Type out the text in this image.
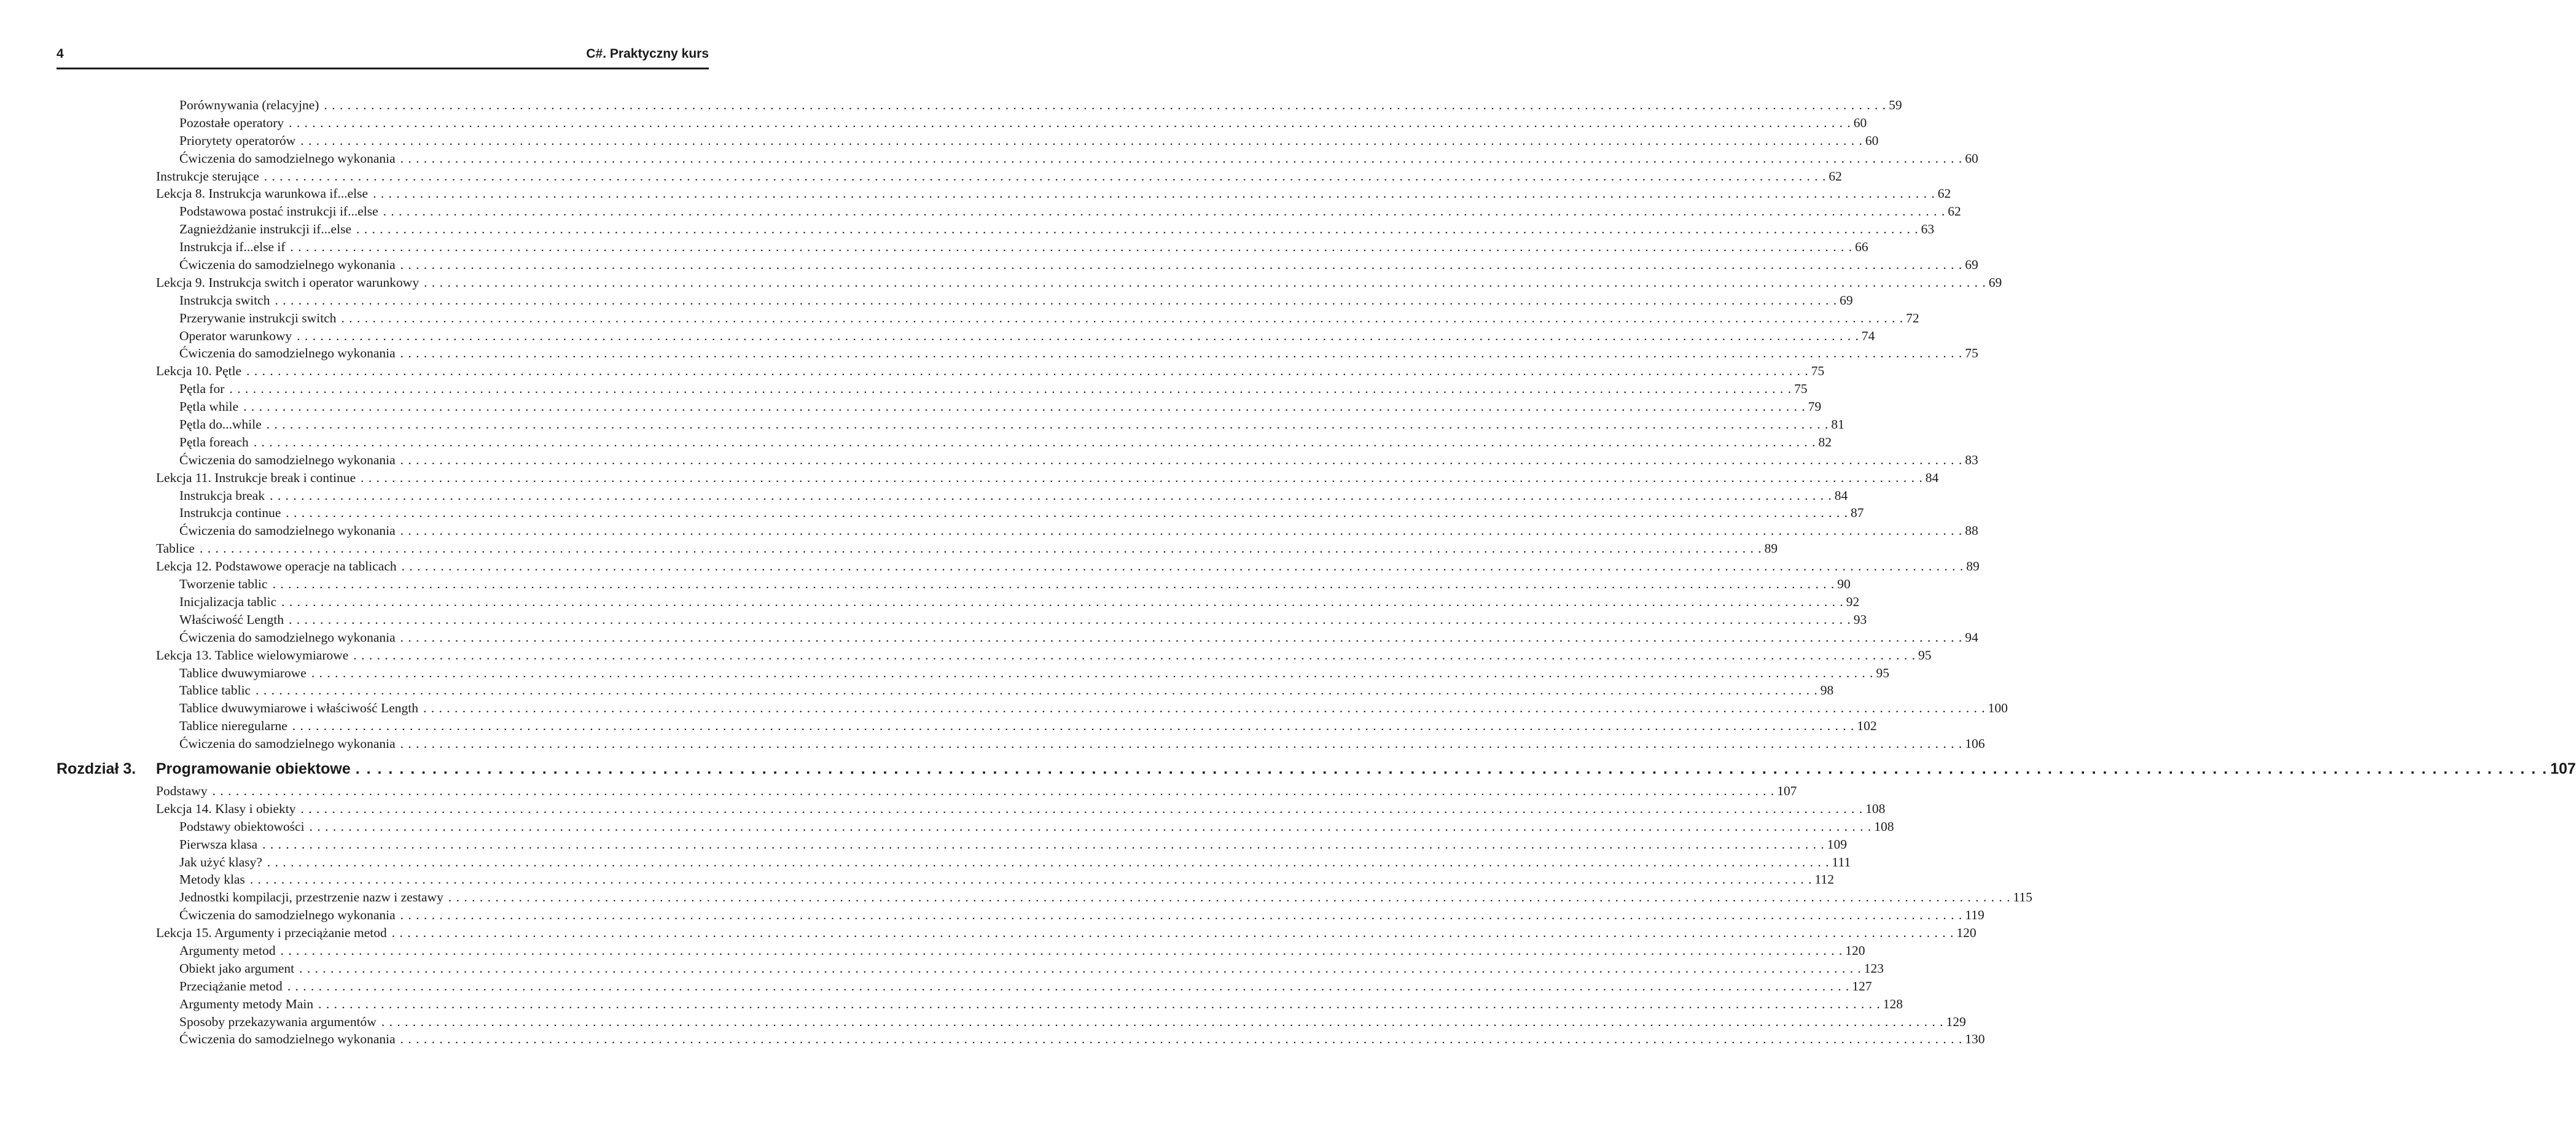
4	C#. Praktyczny kurs
Porównywania (relacyjne) . . . . . . . . . . . . . . . . . . . . . . . . . . . . . . . . . . . . . . . . . . . . . . . . . . . . . . . . . . . . . . . . . . . . . . . . . . . . . . . . . . . . . . . . . . . . . . . . . . . . . . . . . . . . . . . . . . . . . . . . . . . . . . . . . . . . . . . . . . . . . . . . . . . . . . . . . . . . . . . . . . . . . . . . . . . . . . . . . . . . . . . . . . . . . . . . . . . . . . . . 59
Pozostałe operatory . . . . . . . . . . . . . . . . . . . . . . . . . . . . . . . . . . . . . . . . . . . . . . . . . . . . . . . . . . . . . . . . . . . . . . . . . . . . . . . . . . . . . . . . . . . . . . . . . . . . . . . . . . . . . . . . . . . . . . . . . . . . . . . . . . . . . . . . . . . . . . . . . . . . . . . . . . . . . . . . . . . . . . . . . . . . . . . . . . . . . . . . . . . . . . . . . . . . . . . . 60
Priorytety operatorów . . . . . . . . . . . . . . . . . . . . . . . . . . . . . . . . . . . . . . . . . . . . . . . . . . . . . . . . . . . . . . . . . . . . . . . . . . . . . . . . . . . . . . . . . . . . . . . . . . . . . . . . . . . . . . . . . . . . . . . . . . . . . . . . . . . . . . . . . . . . . . . . . . . . . . . . . . . . . . . . . . . . . . . . . . . . . . . . . . . . . . . . . . . . . . . . . . . . . . . . 60
Ćwiczenia do samodzielnego wykonania . . . . . . . . . . . . . . . . . . . . . . . . . . . . . . . . . . . . . . . . . . . . . . . . . . . . . . . . . . . . . . . . . . . . . . . . . . . . . . . . . . . . . . . . . . . . . . . . . . . . . . . . . . . . . . . . . . . . . . . . . . . . . . . . . . . . . . . . . . . . . . . . . . . . . . . . . . . . . . . . . . . . . . . . . . . . . . . . . . . . . . . . . . . . . . . . . . . . . . . . 60
Instrukcje sterujące . . . . . . . . . . . . . . . . . . . . . . . . . . . . . . . . . . . . . . . . . . . . . . . . . . . . . . . . . . . . . . . . . . . . . . . . . . . . . . . . . . . . . . . . . . . . . . . . . . . . . . . . . . . . . . . . . . . . . . . . . . . . . . . . . . . . . . . . . . . . . . . . . . . . . . . . . . . . . . . . . . . . . . . . . . . . . . . . . . . . . . . . . . . . . . . . . . . . . . . . 62
Lekcja 8. Instrukcja warunkowa if...else . . . . . . . . . . . . . . . . . . . . . . . . . . . . . . . . . . . . . . . . . . . . . . . . . . . . . . . . . . . . . . . . . . . . . . . . . . . . . . . . . . . . . . . . . . . . . . . . . . . . . . . . . . . . . . . . . . . . . . . . . . . . . . . . . . . . . . . . . . . . . . . . . . . . . . . . . . . . . . . . . . . . . . . . . . . . . . . . . . . . . . . . . . . . . . . . . . . . . . . . 62
Podstawowa postać instrukcji if...else . . . . . . . . . . . . . . . . . . . . . . . . . . . . . . . . . . . . . . . . . . . . . . . . . . . . . . . . . . . . . . . . . . . . . . . . . . . . . . . . . . . . . . . . . . . . . . . . . . . . . . . . . . . . . . . . . . . . . . . . . . . . . . . . . . . . . . . . . . . . . . . . . . . . . . . . . . . . . . . . . . . . . . . . . . . . . . . . . . . . . . . . . . . . . . . . . . . . . . . . 62
Zagnieżdżanie instrukcji if...else . . . . . . . . . . . . . . . . . . . . . . . . . . . . . . . . . . . . . . . . . . . . . . . . . . . . . . . . . . . . . . . . . . . . . . . . . . . . . . . . . . . . . . . . . . . . . . . . . . . . . . . . . . . . . . . . . . . . . . . . . . . . . . . . . . . . . . . . . . . . . . . . . . . . . . . . . . . . . . . . . . . . . . . . . . . . . . . . . . . . . . . . . . . . . . . . . . . . . . . . 63
Instrukcja if...else if . . . . . . . . . . . . . . . . . . . . . . . . . . . . . . . . . . . . . . . . . . . . . . . . . . . . . . . . . . . . . . . . . . . . . . . . . . . . . . . . . . . . . . . . . . . . . . . . . . . . . . . . . . . . . . . . . . . . . . . . . . . . . . . . . . . . . . . . . . . . . . . . . . . . . . . . . . . . . . . . . . . . . . . . . . . . . . . . . . . . . . . . . . . . . . . . . . . . . . . . 66
Ćwiczenia do samodzielnego wykonania . . . . . . . . . . . . . . . . . . . . . . . . . . . . . . . . . . . . . . . . . . . . . . . . . . . . . . . . . . . . . . . . . . . . . . . . . . . . . . . . . . . . . . . . . . . . . . . . . . . . . . . . . . . . . . . . . . . . . . . . . . . . . . . . . . . . . . . . . . . . . . . . . . . . . . . . . . . . . . . . . . . . . . . . . . . . . . . . . . . . . . . . . . . . . . . . . . . . . . . . 69
Lekcja 9. Instrukcja switch i operator warunkowy . . . . . . . . . . . . . . . . . . . . . . . . . . . . . . . . . . . . . . . . . . . . . . . . . . . . . . . . . . . . . . . . . . . . . . . . . . . . . . . . . . . . . . . . . . . . . . . . . . . . . . . . . . . . . . . . . . . . . . . . . . . . . . . . . . . . . . . . . . . . . . . . . . . . . . . . . . . . . . . . . . . . . . . . . . . . . . . . . . . . . . . . . . . . . . . . . . . . . . . . 69
Instrukcja switch . . . . . . . . . . . . . . . . . . . . . . . . . . . . . . . . . . . . . . . . . . . . . . . . . . . . . . . . . . . . . . . . . . . . . . . . . . . . . . . . . . . . . . . . . . . . . . . . . . . . . . . . . . . . . . . . . . . . . . . . . . . . . . . . . . . . . . . . . . . . . . . . . . . . . . . . . . . . . . . . . . . . . . . . . . . . . . . . . . . . . . . . . . . . . . . . . . . . . . . . 69
Przerywanie instrukcji switch . . . . . . . . . . . . . . . . . . . . . . . . . . . . . . . . . . . . . . . . . . . . . . . . . . . . . . . . . . . . . . . . . . . . . . . . . . . . . . . . . . . . . . . . . . . . . . . . . . . . . . . . . . . . . . . . . . . . . . . . . . . . . . . . . . . . . . . . . . . . . . . . . . . . . . . . . . . . . . . . . . . . . . . . . . . . . . . . . . . . . . . . . . . . . . . . . . . . . . . . 72
Operator warunkowy . . . . . . . . . . . . . . . . . . . . . . . . . . . . . . . . . . . . . . . . . . . . . . . . . . . . . . . . . . . . . . . . . . . . . . . . . . . . . . . . . . . . . . . . . . . . . . . . . . . . . . . . . . . . . . . . . . . . . . . . . . . . . . . . . . . . . . . . . . . . . . . . . . . . . . . . . . . . . . . . . . . . . . . . . . . . . . . . . . . . . . . . . . . . . . . . . . . . . . . . 74
Ćwiczenia do samodzielnego wykonania . . . . . . . . . . . . . . . . . . . . . . . . . . . . . . . . . . . . . . . . . . . . . . . . . . . . . . . . . . . . . . . . . . . . . . . . . . . . . . . . . . . . . . . . . . . . . . . . . . . . . . . . . . . . . . . . . . . . . . . . . . . . . . . . . . . . . . . . . . . . . . . . . . . . . . . . . . . . . . . . . . . . . . . . . . . . . . . . . . . . . . . . . . . . . . . . . . . . . . . . 75
Lekcja 10. Pętle . . . . . . . . . . . . . . . . . . . . . . . . . . . . . . . . . . . . . . . . . . . . . . . . . . . . . . . . . . . . . . . . . . . . . . . . . . . . . . . . . . . . . . . . . . . . . . . . . . . . . . . . . . . . . . . . . . . . . . . . . . . . . . . . . . . . . . . . . . . . . . . . . . . . . . . . . . . . . . . . . . . . . . . . . . . . . . . . . . . . . . . . . . . . . . . . . . . . . . . . 75
Pętla for . . . . . . . . . . . . . . . . . . . . . . . . . . . . . . . . . . . . . . . . . . . . . . . . . . . . . . . . . . . . . . . . . . . . . . . . . . . . . . . . . . . . . . . . . . . . . . . . . . . . . . . . . . . . . . . . . . . . . . . . . . . . . . . . . . . . . . . . . . . . . . . . . . . . . . . . . . . . . . . . . . . . . . . . . . . . . . . . . . . . . . . . . . . . . . . . . . . . . . . . 75
Pętla while . . . . . . . . . . . . . . . . . . . . . . . . . . . . . . . . . . . . . . . . . . . . . . . . . . . . . . . . . . . . . . . . . . . . . . . . . . . . . . . . . . . . . . . . . . . . . . . . . . . . . . . . . . . . . . . . . . . . . . . . . . . . . . . . . . . . . . . . . . . . . . . . . . . . . . . . . . . . . . . . . . . . . . . . . . . . . . . . . . . . . . . . . . . . . . . . . . . . . . . . 79
Pętla do...while . . . . . . . . . . . . . . . . . . . . . . . . . . . . . . . . . . . . . . . . . . . . . . . . . . . . . . . . . . . . . . . . . . . . . . . . . . . . . . . . . . . . . . . . . . . . . . . . . . . . . . . . . . . . . . . . . . . . . . . . . . . . . . . . . . . . . . . . . . . . . . . . . . . . . . . . . . . . . . . . . . . . . . . . . . . . . . . . . . . . . . . . . . . . . . . . . . . . . . . . 81
Pętla foreach . . . . . . . . . . . . . . . . . . . . . . . . . . . . . . . . . . . . . . . . . . . . . . . . . . . . . . . . . . . . . . . . . . . . . . . . . . . . . . . . . . . . . . . . . . . . . . . . . . . . . . . . . . . . . . . . . . . . . . . . . . . . . . . . . . . . . . . . . . . . . . . . . . . . . . . . . . . . . . . . . . . . . . . . . . . . . . . . . . . . . . . . . . . . . . . . . . . . . . . . 82
Ćwiczenia do samodzielnego wykonania . . . . . . . . . . . . . . . . . . . . . . . . . . . . . . . . . . . . . . . . . . . . . . . . . . . . . . . . . . . . . . . . . . . . . . . . . . . . . . . . . . . . . . . . . . . . . . . . . . . . . . . . . . . . . . . . . . . . . . . . . . . . . . . . . . . . . . . . . . . . . . . . . . . . . . . . . . . . . . . . . . . . . . . . . . . . . . . . . . . . . . . . . . . . . . . . . . . . . . . . 83
Lekcja 11. Instrukcje break i continue . . . . . . . . . . . . . . . . . . . . . . . . . . . . . . . . . . . . . . . . . . . . . . . . . . . . . . . . . . . . . . . . . . . . . . . . . . . . . . . . . . . . . . . . . . . . . . . . . . . . . . . . . . . . . . . . . . . . . . . . . . . . . . . . . . . . . . . . . . . . . . . . . . . . . . . . . . . . . . . . . . . . . . . . . . . . . . . . . . . . . . . . . . . . . . . . . . . . . . . . 84
Instrukcja break . . . . . . . . . . . . . . . . . . . . . . . . . . . . . . . . . . . . . . . . . . . . . . . . . . . . . . . . . . . . . . . . . . . . . . . . . . . . . . . . . . . . . . . . . . . . . . . . . . . . . . . . . . . . . . . . . . . . . . . . . . . . . . . . . . . . . . . . . . . . . . . . . . . . . . . . . . . . . . . . . . . . . . . . . . . . . . . . . . . . . . . . . . . . . . . . . . . . . . . . 84
Instrukcja continue . . . . . . . . . . . . . . . . . . . . . . . . . . . . . . . . . . . . . . . . . . . . . . . . . . . . . . . . . . . . . . . . . . . . . . . . . . . . . . . . . . . . . . . . . . . . . . . . . . . . . . . . . . . . . . . . . . . . . . . . . . . . . . . . . . . . . . . . . . . . . . . . . . . . . . . . . . . . . . . . . . . . . . . . . . . . . . . . . . . . . . . . . . . . . . . . . . . . . . . . 87
Ćwiczenia do samodzielnego wykonania . . . . . . . . . . . . . . . . . . . . . . . . . . . . . . . . . . . . . . . . . . . . . . . . . . . . . . . . . . . . . . . . . . . . . . . . . . . . . . . . . . . . . . . . . . . . . . . . . . . . . . . . . . . . . . . . . . . . . . . . . . . . . . . . . . . . . . . . . . . . . . . . . . . . . . . . . . . . . . . . . . . . . . . . . . . . . . . . . . . . . . . . . . . . . . . . . . . . . . . . 88
Tablice . . . . . . . . . . . . . . . . . . . . . . . . . . . . . . . . . . . . . . . . . . . . . . . . . . . . . . . . . . . . . . . . . . . . . . . . . . . . . . . . . . . . . . . . . . . . . . . . . . . . . . . . . . . . . . . . . . . . . . . . . . . . . . . . . . . . . . . . . . . . . . . . . . . . . . . . . . . . . . . . . . . . . . . . . . . . . . . . . . . . . . . . . . . . . . . . . . . . . . . . 89
Lekcja 12. Podstawowe operacje na tablicach . . . . . . . . . . . . . . . . . . . . . . . . . . . . . . . . . . . . . . . . . . . . . . . . . . . . . . . . . . . . . . . . . . . . . . . . . . . . . . . . . . . . . . . . . . . . . . . . . . . . . . . . . . . . . . . . . . . . . . . . . . . . . . . . . . . . . . . . . . . . . . . . . . . . . . . . . . . . . . . . . . . . . . . . . . . . . . . . . . . . . . . . . . . . . . . . . . . . . . . . 89
Tworzenie tablic . . . . . . . . . . . . . . . . . . . . . . . . . . . . . . . . . . . . . . . . . . . . . . . . . . . . . . . . . . . . . . . . . . . . . . . . . . . . . . . . . . . . . . . . . . . . . . . . . . . . . . . . . . . . . . . . . . . . . . . . . . . . . . . . . . . . . . . . . . . . . . . . . . . . . . . . . . . . . . . . . . . . . . . . . . . . . . . . . . . . . . . . . . . . . . . . . . . . . . . . 90
Inicjalizacja tablic . . . . . . . . . . . . . . . . . . . . . . . . . . . . . . . . . . . . . . . . . . . . . . . . . . . . . . . . . . . . . . . . . . . . . . . . . . . . . . . . . . . . . . . . . . . . . . . . . . . . . . . . . . . . . . . . . . . . . . . . . . . . . . . . . . . . . . . . . . . . . . . . . . . . . . . . . . . . . . . . . . . . . . . . . . . . . . . . . . . . . . . . . . . . . . . . . . . . . . . . 92
Właściwość Length . . . . . . . . . . . . . . . . . . . . . . . . . . . . . . . . . . . . . . . . . . . . . . . . . . . . . . . . . . . . . . . . . . . . . . . . . . . . . . . . . . . . . . . . . . . . . . . . . . . . . . . . . . . . . . . . . . . . . . . . . . . . . . . . . . . . . . . . . . . . . . . . . . . . . . . . . . . . . . . . . . . . . . . . . . . . . . . . . . . . . . . . . . . . . . . . . . . . . . . . 93
Ćwiczenia do samodzielnego wykonania . . . . . . . . . . . . . . . . . . . . . . . . . . . . . . . . . . . . . . . . . . . . . . . . . . . . . . . . . . . . . . . . . . . . . . . . . . . . . . . . . . . . . . . . . . . . . . . . . . . . . . . . . . . . . . . . . . . . . . . . . . . . . . . . . . . . . . . . . . . . . . . . . . . . . . . . . . . . . . . . . . . . . . . . . . . . . . . . . . . . . . . . . . . . . . . . . . . . . . . . 94
Lekcja 13. Tablice wielowymiarowe . . . . . . . . . . . . . . . . . . . . . . . . . . . . . . . . . . . . . . . . . . . . . . . . . . . . . . . . . . . . . . . . . . . . . . . . . . . . . . . . . . . . . . . . . . . . . . . . . . . . . . . . . . . . . . . . . . . . . . . . . . . . . . . . . . . . . . . . . . . . . . . . . . . . . . . . . . . . . . . . . . . . . . . . . . . . . . . . . . . . . . . . . . . . . . . . . . . . . . . . 95
Tablice dwuwymiarowe . . . . . . . . . . . . . . . . . . . . . . . . . . . . . . . . . . . . . . . . . . . . . . . . . . . . . . . . . . . . . . . . . . . . . . . . . . . . . . . . . . . . . . . . . . . . . . . . . . . . . . . . . . . . . . . . . . . . . . . . . . . . . . . . . . . . . . . . . . . . . . . . . . . . . . . . . . . . . . . . . . . . . . . . . . . . . . . . . . . . . . . . . . . . . . . . . . . . . . . . 95
Tablice tablic . . . . . . . . . . . . . . . . . . . . . . . . . . . . . . . . . . . . . . . . . . . . . . . . . . . . . . . . . . . . . . . . . . . . . . . . . . . . . . . . . . . . . . . . . . . . . . . . . . . . . . . . . . . . . . . . . . . . . . . . . . . . . . . . . . . . . . . . . . . . . . . . . . . . . . . . . . . . . . . . . . . . . . . . . . . . . . . . . . . . . . . . . . . . . . . . . . . . . . . . 98
Tablice dwuwymiarowe i właściwość Length . . . . . . . . . . . . . . . . . . . . . . . . . . . . . . . . . . . . . . . . . . . . . . . . . . . . . . . . . . . . . . . . . . . . . . . . . . . . . . . . . . . . . . . . . . . . . . . . . . . . . . . . . . . . . . . . . . . . . . . . . . . . . . . . . . . . . . . . . . . . . . . . . . . . . . . . . . . . . . . . . . . . . . . . . . . . . . . . . . . . . . . . . . . . . . . . . . . . . . . . 100
Tablice nieregularne . . . . . . . . . . . . . . . . . . . . . . . . . . . . . . . . . . . . . . . . . . . . . . . . . . . . . . . . . . . . . . . . . . . . . . . . . . . . . . . . . . . . . . . . . . . . . . . . . . . . . . . . . . . . . . . . . . . . . . . . . . . . . . . . . . . . . . . . . . . . . . . . . . . . . . . . . . . . . . . . . . . . . . . . . . . . . . . . . . . . . . . . . . . . . . . . . . . . . . . . 102
Ćwiczenia do samodzielnego wykonania . . . . . . . . . . . . . . . . . . . . . . . . . . . . . . . . . . . . . . . . . . . . . . . . . . . . . . . . . . . . . . . . . . . . . . . . . . . . . . . . . . . . . . . . . . . . . . . . . . . . . . . . . . . . . . . . . . . . . . . . . . . . . . . . . . . . . . . . . . . . . . . . . . . . . . . . . . . . . . . . . . . . . . . . . . . . . . . . . . . . . . . . . . . . . . . . . . . . . . . . 106
Rozdział 3.	Programowanie obiektowe . . . . . . . . . . . . . . . . . . . . . . . . . . . . . . . . . . . . . . . . . . . . . . . . . . . . . . . . . . . . . . . . . . . . . . . . . . . . . . . . . . . . . . . . . . . . . . . . . . . . . . . . . . . . . . . . . . . . . . . . . . . . . . . . . . . . . . . . . . . . . . . . . . . . . . . . . . . . . . . . . . . . . . . . . . . . . . . . . . . . . . . . . . . . . . . . . . . . . . . . 107
Podstawy . . . . . . . . . . . . . . . . . . . . . . . . . . . . . . . . . . . . . . . . . . . . . . . . . . . . . . . . . . . . . . . . . . . . . . . . . . . . . . . . . . . . . . . . . . . . . . . . . . . . . . . . . . . . . . . . . . . . . . . . . . . . . . . . . . . . . . . . . . . . . . . . . . . . . . . . . . . . . . . . . . . . . . . . . . . . . . . . . . . . . . . . . . . . . . . . . . . . . . . . 107
Lekcja 14. Klasy i obiekty . . . . . . . . . . . . . . . . . . . . . . . . . . . . . . . . . . . . . . . . . . . . . . . . . . . . . . . . . . . . . . . . . . . . . . . . . . . . . . . . . . . . . . . . . . . . . . . . . . . . . . . . . . . . . . . . . . . . . . . . . . . . . . . . . . . . . . . . . . . . . . . . . . . . . . . . . . . . . . . . . . . . . . . . . . . . . . . . . . . . . . . . . . . . . . . . . . . . . . . . 108
Podstawy obiektowości . . . . . . . . . . . . . . . . . . . . . . . . . . . . . . . . . . . . . . . . . . . . . . . . . . . . . . . . . . . . . . . . . . . . . . . . . . . . . . . . . . . . . . . . . . . . . . . . . . . . . . . . . . . . . . . . . . . . . . . . . . . . . . . . . . . . . . . . . . . . . . . . . . . . . . . . . . . . . . . . . . . . . . . . . . . . . . . . . . . . . . . . . . . . . . . . . . . . . . . . 108
Pierwsza klasa . . . . . . . . . . . . . . . . . . . . . . . . . . . . . . . . . . . . . . . . . . . . . . . . . . . . . . . . . . . . . . . . . . . . . . . . . . . . . . . . . . . . . . . . . . . . . . . . . . . . . . . . . . . . . . . . . . . . . . . . . . . . . . . . . . . . . . . . . . . . . . . . . . . . . . . . . . . . . . . . . . . . . . . . . . . . . . . . . . . . . . . . . . . . . . . . . . . . . . . . 109
Jak użyć klasy? . . . . . . . . . . . . . . . . . . . . . . . . . . . . . . . . . . . . . . . . . . . . . . . . . . . . . . . . . . . . . . . . . . . . . . . . . . . . . . . . . . . . . . . . . . . . . . . . . . . . . . . . . . . . . . . . . . . . . . . . . . . . . . . . . . . . . . . . . . . . . . . . . . . . . . . . . . . . . . . . . . . . . . . . . . . . . . . . . . . . . . . . . . . . . . . . . . . . . . . . 111
Metody klas . . . . . . . . . . . . . . . . . . . . . . . . . . . . . . . . . . . . . . . . . . . . . . . . . . . . . . . . . . . . . . . . . . . . . . . . . . . . . . . . . . . . . . . . . . . . . . . . . . . . . . . . . . . . . . . . . . . . . . . . . . . . . . . . . . . . . . . . . . . . . . . . . . . . . . . . . . . . . . . . . . . . . . . . . . . . . . . . . . . . . . . . . . . . . . . . . . . . . . . . 112
Jednostki kompilacji, przestrzenie nazw i zestawy . . . . . . . . . . . . . . . . . . . . . . . . . . . . . . . . . . . . . . . . . . . . . . . . . . . . . . . . . . . . . . . . . . . . . . . . . . . . . . . . . . . . . . . . . . . . . . . . . . . . . . . . . . . . . . . . . . . . . . . . . . . . . . . . . . . . . . . . . . . . . . . . . . . . . . . . . . . . . . . . . . . . . . . . . . . . . . . . . . . . . . . . . . . . . . . . . . . . . . . . 115
Ćwiczenia do samodzielnego wykonania . . . . . . . . . . . . . . . . . . . . . . . . . . . . . . . . . . . . . . . . . . . . . . . . . . . . . . . . . . . . . . . . . . . . . . . . . . . . . . . . . . . . . . . . . . . . . . . . . . . . . . . . . . . . . . . . . . . . . . . . . . . . . . . . . . . . . . . . . . . . . . . . . . . . . . . . . . . . . . . . . . . . . . . . . . . . . . . . . . . . . . . . . . . . . . . . . . . . . . . . 119
Lekcja 15. Argumenty i przeciążanie metod . . . . . . . . . . . . . . . . . . . . . . . . . . . . . . . . . . . . . . . . . . . . . . . . . . . . . . . . . . . . . . . . . . . . . . . . . . . . . . . . . . . . . . . . . . . . . . . . . . . . . . . . . . . . . . . . . . . . . . . . . . . . . . . . . . . . . . . . . . . . . . . . . . . . . . . . . . . . . . . . . . . . . . . . . . . . . . . . . . . . . . . . . . . . . . . . . . . . . . . . 120
Argumenty metod . . . . . . . . . . . . . . . . . . . . . . . . . . . . . . . . . . . . . . . . . . . . . . . . . . . . . . . . . . . . . . . . . . . . . . . . . . . . . . . . . . . . . . . . . . . . . . . . . . . . . . . . . . . . . . . . . . . . . . . . . . . . . . . . . . . . . . . . . . . . . . . . . . . . . . . . . . . . . . . . . . . . . . . . . . . . . . . . . . . . . . . . . . . . . . . . . . . . . . . . 120
Obiekt jako argument . . . . . . . . . . . . . . . . . . . . . . . . . . . . . . . . . . . . . . . . . . . . . . . . . . . . . . . . . . . . . . . . . . . . . . . . . . . . . . . . . . . . . . . . . . . . . . . . . . . . . . . . . . . . . . . . . . . . . . . . . . . . . . . . . . . . . . . . . . . . . . . . . . . . . . . . . . . . . . . . . . . . . . . . . . . . . . . . . . . . . . . . . . . . . . . . . . . . . . . . 123
Przeciążanie metod . . . . . . . . . . . . . . . . . . . . . . . . . . . . . . . . . . . . . . . . . . . . . . . . . . . . . . . . . . . . . . . . . . . . . . . . . . . . . . . . . . . . . . . . . . . . . . . . . . . . . . . . . . . . . . . . . . . . . . . . . . . . . . . . . . . . . . . . . . . . . . . . . . . . . . . . . . . . . . . . . . . . . . . . . . . . . . . . . . . . . . . . . . . . . . . . . . . . . . . . 127
Argumenty metody Main . . . . . . . . . . . . . . . . . . . . . . . . . . . . . . . . . . . . . . . . . . . . . . . . . . . . . . . . . . . . . . . . . . . . . . . . . . . . . . . . . . . . . . . . . . . . . . . . . . . . . . . . . . . . . . . . . . . . . . . . . . . . . . . . . . . . . . . . . . . . . . . . . . . . . . . . . . . . . . . . . . . . . . . . . . . . . . . . . . . . . . . . . . . . . . . . . . . . . . . . 128
Sposoby przekazywania argumentów . . . . . . . . . . . . . . . . . . . . . . . . . . . . . . . . . . . . . . . . . . . . . . . . . . . . . . . . . . . . . . . . . . . . . . . . . . . . . . . . . . . . . . . . . . . . . . . . . . . . . . . . . . . . . . . . . . . . . . . . . . . . . . . . . . . . . . . . . . . . . . . . . . . . . . . . . . . . . . . . . . . . . . . . . . . . . . . . . . . . . . . . . . . . . . . . . . . . . . . . 129
Ćwiczenia do samodzielnego wykonania . . . . . . . . . . . . . . . . . . . . . . . . . . . . . . . . . . . . . . . . . . . . . . . . . . . . . . . . . . . . . . . . . . . . . . . . . . . . . . . . . . . . . . . . . . . . . . . . . . . . . . . . . . . . . . . . . . . . . . . . . . . . . . . . . . . . . . . . . . . . . . . . . . . . . . . . . . . . . . . . . . . . . . . . . . . . . . . . . . . . . . . . . . . . . . . . . . . . . . . . 130
